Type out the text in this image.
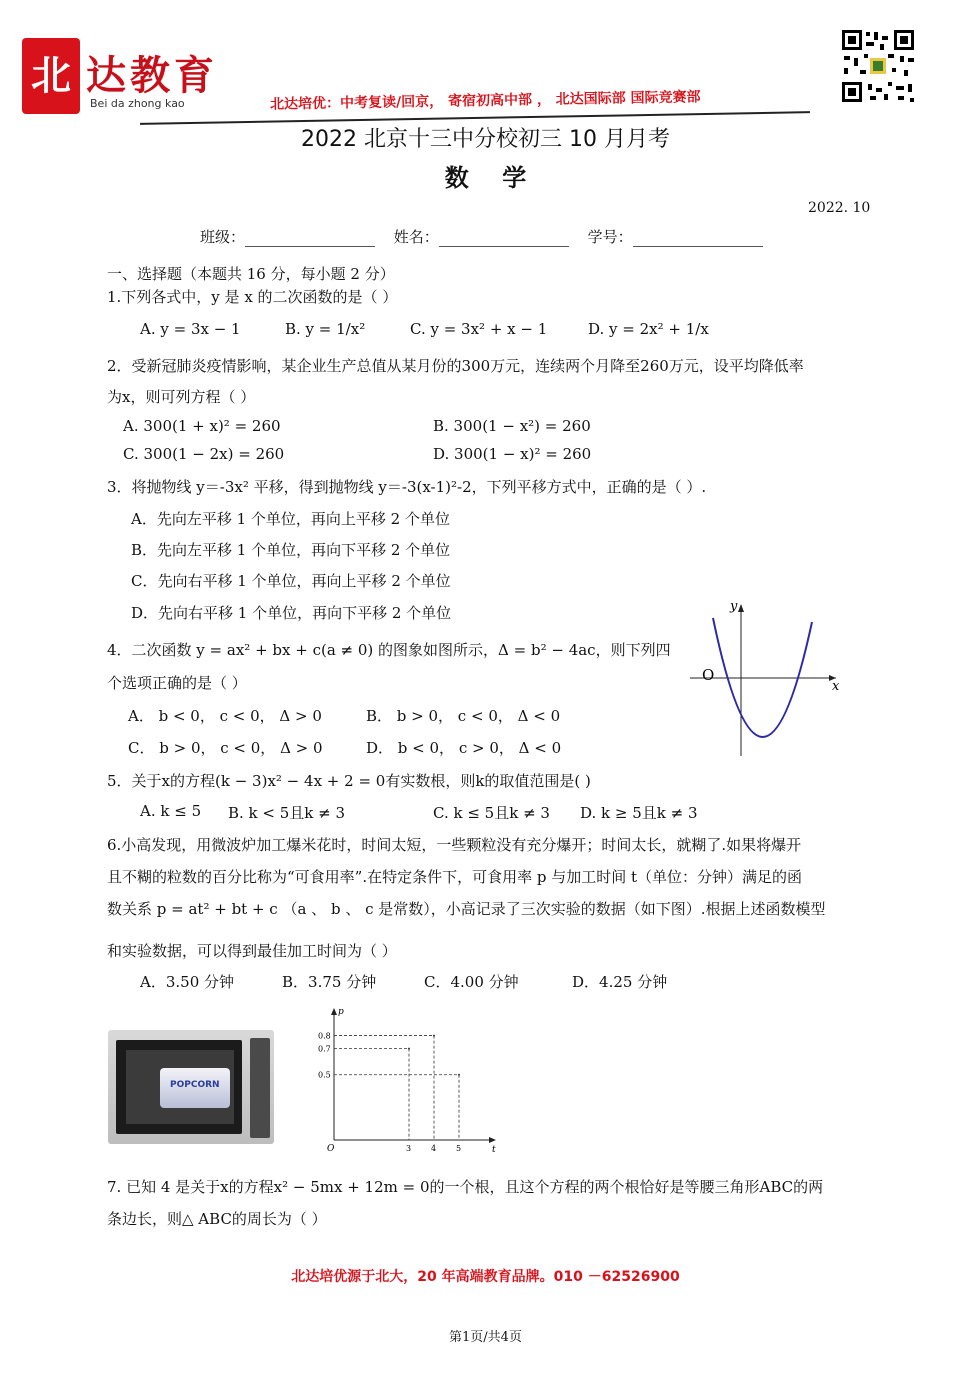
北 达教育
Bei da zhong kao	北达培优：中考复读/回京， 寄宿初高中部 ， 北达国际部 国际竞赛部
2022 北京十三中分校初三 10 月月考
数    学
2022. 10
班级：	姓名：	学号：
一、选择题（本题共 16 分，每小题 2 分）
1.下列各式中，y 是 x 的二次函数的是（ ）
A. y = 3x − 1	B. y = 1/x²	C. y = 3x² + x − 1	D. y = 2x² + 1/x
2．受新冠肺炎疫情影响，某企业生产总值从某月份的300万元，连续两个月降至260万元，设平均降低率
为x，则可列方程（ ）
A. 300(1 + x)² = 260	B. 300(1 − x²) = 260
C. 300(1 − 2x) = 260	D. 300(1 − x)² = 260
3．将抛物线 y＝-3x² 平移，得到抛物线 y＝-3(x-1)²-2，下列平移方式中，正确的是（ ）.
A．先向左平移 1 个单位，再向上平移 2 个单位
B．先向左平移 1 个单位，再向下平移 2 个单位
C．先向右平移 1 个单位，再向上平移 2 个单位
D．先向右平移 1 个单位，再向下平移 2 个单位
4．二次函数 y = ax² + bx + c(a ≠ 0) 的图象如图所示，Δ = b² − 4ac，则下列四
个选项正确的是（ ）
A． b < 0， c < 0， Δ > 0	B． b > 0， c < 0， Δ < 0
C． b > 0， c < 0， Δ > 0	D． b < 0， c > 0， Δ < 0
x
y
O
5．关于x的方程(k − 3)x² − 4x + 2 = 0有实数根，则k的取值范围是( )
A. k ≤ 5 B. k < 5且k ≠ 3	C. k ≤ 5且k ≠ 3 D. k ≥ 5且k ≠ 3
6.小高发现，用微波炉加工爆米花时，时间太短，一些颗粒没有充分爆开；时间太长，就糊了.如果将爆开
且不糊的粒数的百分比称为“可食用率”.在特定条件下，可食用率 p 与加工时间 t（单位：分钟）满足的函
数关系 p = at² + bt + c （a 、 b 、 c 是常数），小高记录了三次实验的数据（如下图）.根据上述函数模型
和实验数据，可以得到最佳加工时间为（ ）
A．3.50 分钟	B．3.75 分钟	C．4.00 分钟	D．4.25 分钟
POPCORN
t
p
O	3 4 5
0.8
0.7
0.5
7. 已知 4 是关于x的方程x² − 5mx + 12m = 0的一个根，且这个方程的两个根恰好是等腰三角形ABC的两
条边长，则△ ABC的周长为（ ）
北达培优源于北大，20 年高端教育品牌。010 －62526900
第1页/共4页
